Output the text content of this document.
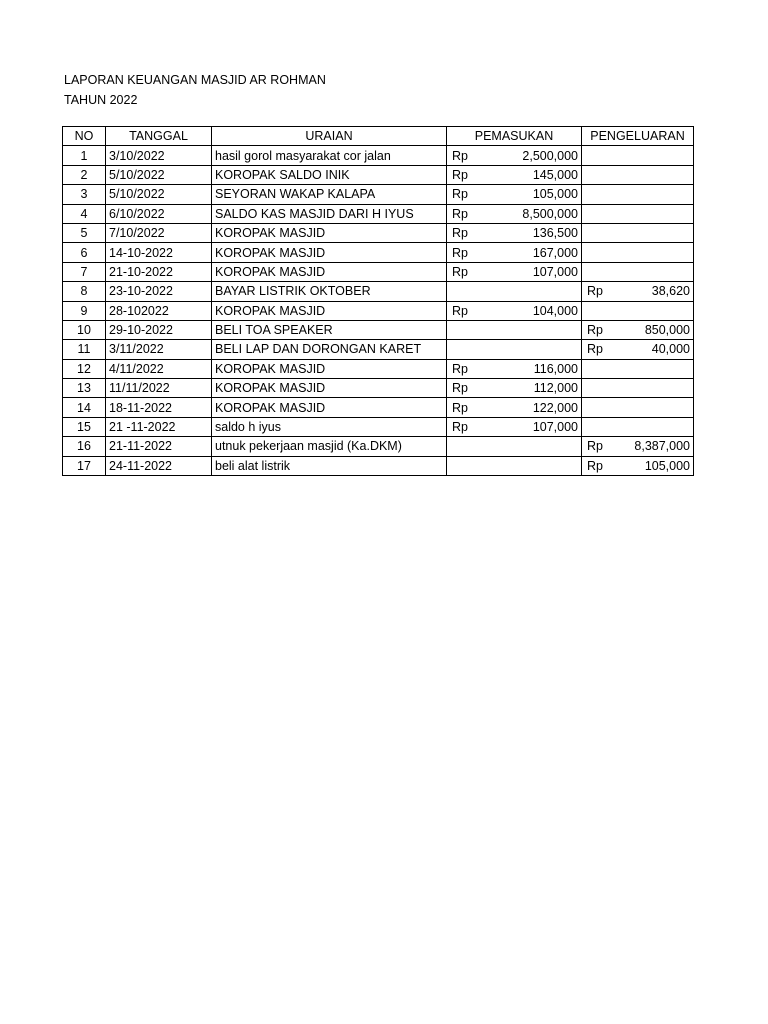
LAPORAN KEUANGAN MASJID AR ROHMAN
TAHUN 2022
NO	TANGGAL	URAIAN	PEMASUKAN	PENGELUARAN
1	3/10/2022	hasil gorol masyarakat cor jalan	Rp 2,500,000	

2	5/10/2022	KOROPAK SALDO INIK	Rp 145,000	

3	5/10/2022	SEYORAN WAKAP KALAPA	Rp 105,000	

4	6/10/2022	SALDO KAS MASJID DARI H IYUS	Rp 8,500,000	

5	7/10/2022	KOROPAK MASJID	Rp 136,500	

6	14-10-2022	KOROPAK MASJID	Rp 167,000	

7	21-10-2022	KOROPAK MASJID	Rp 107,000	

8	23-10-2022	BAYAR LISTRIK OKTOBER		Rp 38,620

9	28-102022	KOROPAK MASJID	Rp 104,000	

10	29-10-2022	BELI TOA SPEAKER		Rp 850,000

11	3/11/2022	BELI LAP DAN DORONGAN KARET		Rp 40,000

12	4/11/2022	KOROPAK MASJID	Rp 116,000	

13	11/11/2022	KOROPAK MASJID	Rp 112,000	

14	18-11-2022	KOROPAK MASJID	Rp 122,000	

15	21 -11-2022	saldo h iyus	Rp 107,000	

16	21-11-2022	utnuk pekerjaan masjid (Ka.DKM)		Rp 8,387,000

17	24-11-2022	beli alat listrik		Rp 105,000
